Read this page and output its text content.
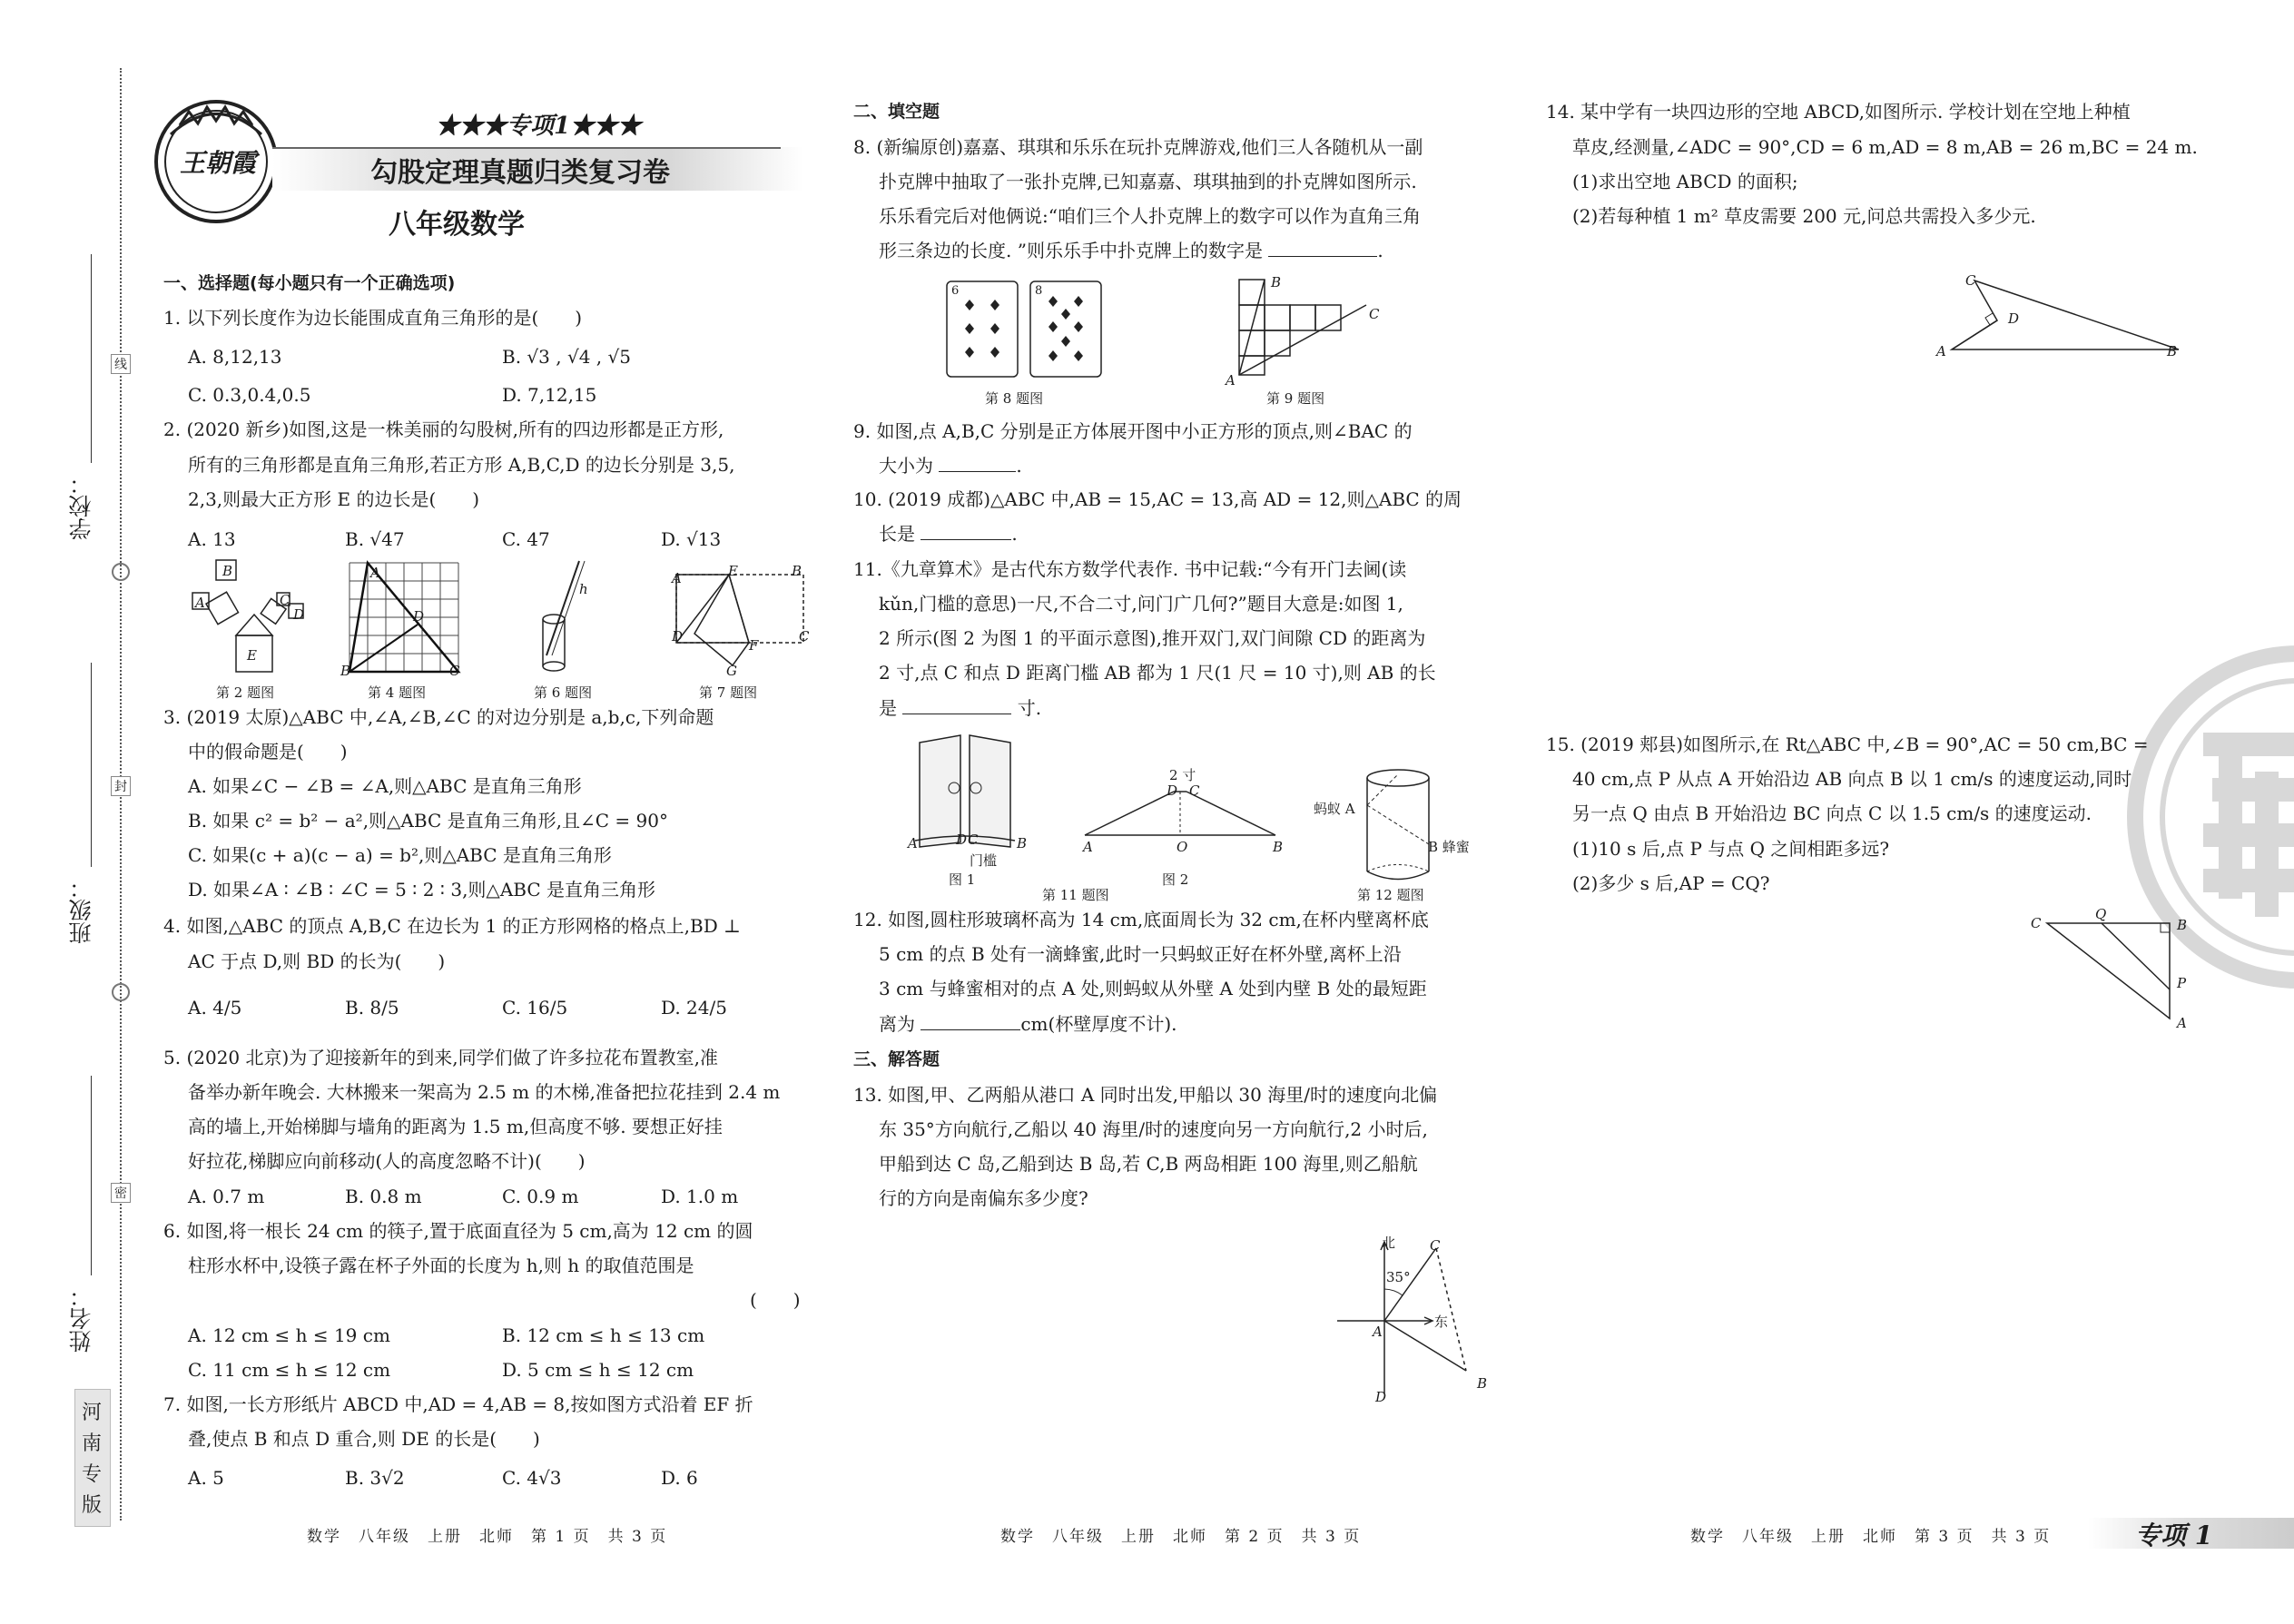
线
封
密
学校：
班级：
姓名：
河南专版
王朝霞
★★★专项1★★★
勾股定理真题归类复习卷
八年级数学
一、选择题(每小题只有一个正确选项)
1. 以下列长度作为边长能围成直角三角形的是(　　)
A. 8,12,13	B. √3 , √4 , √5
C. 0.3,0.4,0.5	D. 7,12,15
2. (2020 新乡)如图,这是一株美丽的勾股树,所有的四边形都是正方形,
所有的三角形都是直角三角形,若正方形 A,B,C,D 的边长分别是 3,5,
2,3,则最大正方形 E 的边长是(　　)
A. 13	B. √47	C. 47	D. √13
A
B
C
D
E
第 2 题图
A
D
B	C
第 4 题图
h
第 6 题图
A	E	B
D	C
F
G
第 7 题图
3. (2019 太原)△ABC 中,∠A,∠B,∠C 的对边分别是 a,b,c,下列命题
中的假命题是(　　)
A. 如果∠C − ∠B = ∠A,则△ABC 是直角三角形
B. 如果 c² = b² − a²,则△ABC 是直角三角形,且∠C = 90°
C. 如果(c + a)(c − a) = b²,则△ABC 是直角三角形
D. 如果∠A ∶ ∠B ∶ ∠C = 5 ∶ 2 ∶ 3,则△ABC 是直角三角形
4. 如图,△ABC 的顶点 A,B,C 在边长为 1 的正方形网格的格点上,BD ⊥
AC 于点 D,则 BD 的长为(　　)
A. 4/5	B. 8/5	C. 16/5	D. 24/5
5. (2020 北京)为了迎接新年的到来,同学们做了许多拉花布置教室,准
备举办新年晚会. 大林搬来一架高为 2.5 m 的木梯,准备把拉花挂到 2.4 m
高的墙上,开始梯脚与墙角的距离为 1.5 m,但高度不够. 要想正好挂
好拉花,梯脚应向前移动(人的高度忽略不计)(　　)
A. 0.7 m	B. 0.8 m	C. 0.9 m	D. 1.0 m
6. 如图,将一根长 24 cm 的筷子,置于底面直径为 5 cm,高为 12 cm 的圆
柱形水杯中,设筷子露在杯子外面的长度为 h,则 h 的取值范围是
(　　)
A. 12 cm ≤ h ≤ 19 cm	B. 12 cm ≤ h ≤ 13 cm
C. 11 cm ≤ h ≤ 12 cm	D. 5 cm ≤ h ≤ 12 cm
7. 如图,一长方形纸片 ABCD 中,AD = 4,AB = 8,按如图方式沿着 EF 折
叠,使点 B 和点 D 重合,则 DE 的长是(　　)
A. 5	B. 3√2	C. 4√3	D. 6
数学　八年级　上册　北师　第 1 页　共 3 页
二、填空题
8. (新编原创)嘉嘉、琪琪和乐乐在玩扑克牌游戏,他们三人各随机从一副
扑克牌中抽取了一张扑克牌,已知嘉嘉、琪琪抽到的扑克牌如图所示.
乐乐看完后对他俩说:“咱们三个人扑克牌上的数字可以作为直角三角
形三条边的长度. ”则乐乐手中扑克牌上的数字是	.
6	8
第 8 题图
B
C
A
第 9 题图
9. 如图,点 A,B,C 分别是正方体展开图中小正方形的顶点,则∠BAC 的
大小为	.
10. (2019 成都)△ABC 中,AB = 15,AC = 13,高 AD = 12,则△ABC 的周
长是	.
11.《九章算术》是古代东方数学代表作. 书中记载:“今有开门去阃(读
kǔn,门槛的意思)一尺,不合二寸,问门广几何?”题目大意是:如图 1,
2 所示(图 2 为图 1 的平面示意图),推开双门,双门间隙 CD 的距离为
2 寸,点 C 和点 D 距离门槛 AB 都为 1 尺(1 尺 = 10 寸),则 AB 的长
是	寸.
A	D C	B
门槛
图 1
2 寸
D C
A	O	B
图 2
第 11 题图
蚂蚁 A
B 蜂蜜
第 12 题图
12. 如图,圆柱形玻璃杯高为 14 cm,底面周长为 32 cm,在杯内壁离杯底
5 cm 的点 B 处有一滴蜂蜜,此时一只蚂蚁正好在杯外壁,离杯上沿
3 cm 与蜂蜜相对的点 A 处,则蚂蚁从外壁 A 处到内壁 B 处的最短距
离为	cm(杯壁厚度不计).
三、解答题
13. 如图,甲、乙两船从港口 A 同时出发,甲船以 30 海里/时的速度向北偏
东 35°方向航行,乙船以 40 海里/时的速度向另一方向航行,2 小时后,
甲船到达 C 岛,乙船到达 B 岛,若 C,B 两岛相距 100 海里,则乙船航
行的方向是南偏东多少度?
北	C
35°
A
东
B
D
数学　八年级　上册　北师　第 2 页　共 3 页
14. 某中学有一块四边形的空地 ABCD,如图所示. 学校计划在空地上种植
草皮,经测量,∠ADC = 90°,CD = 6 m,AD = 8 m,AB = 26 m,BC = 24 m.
(1)求出空地 ABCD 的面积;
(2)若每种植 1 m² 草皮需要 200 元,问总共需投入多少元.
C
D
A	B
15. (2019 郏县)如图所示,在 Rt△ABC 中,∠B = 90°,AC = 50 cm,BC =
40 cm,点 P 从点 A 开始沿边 AB 向点 B 以 1 cm/s 的速度运动,同时
另一点 Q 由点 B 开始沿边 BC 向点 C 以 1.5 cm/s 的速度运动.
(1)10 s 后,点 P 与点 Q 之间相距多远?
(2)多少 s 后,AP = CQ?
C
Q
B
P
A
数学　八年级　上册　北师　第 3 页　共 3 页	专项 1
